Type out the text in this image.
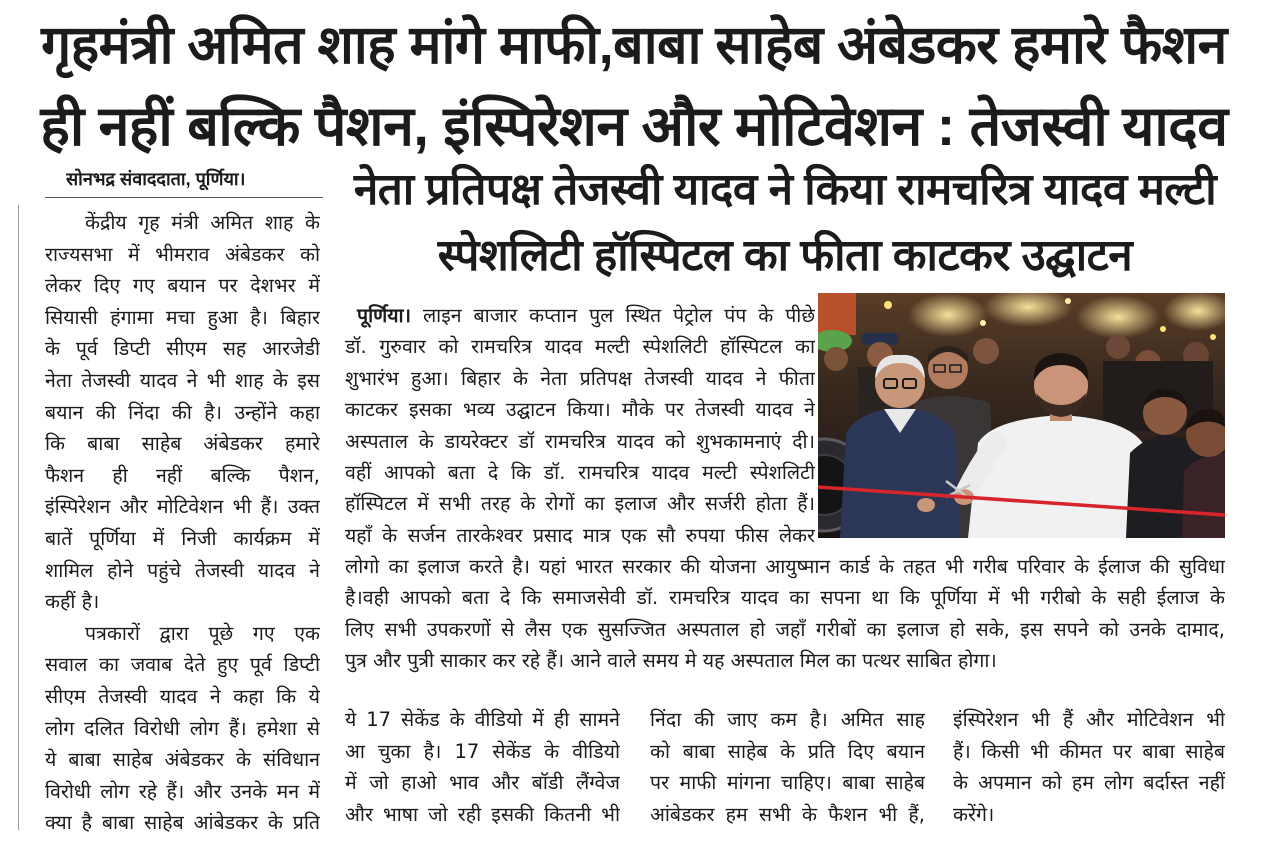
गृहमंत्री अमित शाह मांगे माफी,बाबा साहेब अंबेडकर हमारे फैशन
ही नहीं बल्कि पैशन, इंस्पिरेशन और मोटिवेशन : तेजस्वी यादव
सोनभद्र संवाददाता, पूर्णिया।	नेता प्रतिपक्ष तेजस्वी यादव ने किया रामचरित्र यादव मल्टी
स्पेशलिटी हॉस्पिटल का फीता काटकर उद्घाटन
केंद्रीय गृह मंत्री अमित शाह के
राज्यसभा में भीमराव अंबेडकर को
लेकर दिए गए बयान पर देशभर में
सियासी हंगामा मचा हुआ है। बिहार
के पूर्व डिप्टी सीएम सह आरजेडी
नेता तेजस्वी यादव ने भी शाह के इस
बयान की निंदा की है। उन्होंने कहा
कि बाबा साहेब अंबेडकर हमारे
फैशन ही नहीं बल्कि पैशन,
इंस्पिरेशन और मोटिवेशन भी हैं। उक्त
बातें पूर्णिया में निजी कार्यक्रम में
शामिल होने पहुंचे तेजस्वी यादव ने
कहीं है।
पत्रकारों द्वारा पूछे गए एक
सवाल का जवाब देते हुए पूर्व डिप्टी
सीएम तेजस्वी यादव ने कहा कि ये
लोग दलित विरोधी लोग हैं। हमेशा से
ये बाबा साहेब अंबेडकर के संविधान
विरोधी लोग रहे हैं। और उनके मन में
क्या है बाबा साहेब आंबेडकर के प्रति
पूर्णिया। लाइन बाजार कप्तान पुल स्थित पेट्रोल पंप के पीछे
डॉ. गुरुवार को रामचरित्र यादव मल्टी स्पेशलिटी हॉस्पिटल का
शुभारंभ हुआ। बिहार के नेता प्रतिपक्ष तेजस्वी यादव ने फीता
काटकर इसका भव्य उद्घाटन किया। मौके पर तेजस्वी यादव ने
अस्पताल के डायरेक्टर डॉ रामचरित्र यादव को शुभकामनाएं दी।
वहीं आपको बता दे कि डॉ. रामचरित्र यादव मल्टी स्पेशलिटी
हॉस्पिटल में सभी तरह के रोगों का इलाज और सर्जरी होता हैं।
यहाँ के सर्जन तारकेश्वर प्रसाद मात्र एक सौ रुपया फीस लेकर
लोगो का इलाज करते है। यहां भारत सरकार की योजना आयुष्मान कार्ड के तहत भी गरीब परिवार के ईलाज की सुविधा
है।वही आपको बता दे कि समाजसेवी डॉ. रामचरित्र यादव का सपना था कि पूर्णिया में भी गरीबो के सही ईलाज के
लिए सभी उपकरणों से लैस एक सुसज्जित अस्पताल हो जहाँ गरीबों का इलाज हो सके, इस सपने को उनके दामाद,
पुत्र और पुत्री साकार कर रहे हैं। आने वाले समय मे यह अस्पताल मिल का पत्थर साबित होगा।
ये 17 सेकेंड के वीडियो में ही सामने
आ चुका है। 17 सेकेंड के वीडियो
में जो हाओ भाव और बॉडी लैंग्वेज
और भाषा जो रही इसकी कितनी भी
निंदा की जाए कम है। अमित साह
को बाबा साहेब के प्रति दिए बयान
पर माफी मांगना चाहिए। बाबा साहेब
आंबेडकर हम सभी के फैशन भी हैं,
इंस्पिरेशन भी हैं और मोटिवेशन भी
हैं। किसी भी कीमत पर बाबा साहेब
के अपमान को हम लोग बर्दास्त नहीं
करेंगे।
